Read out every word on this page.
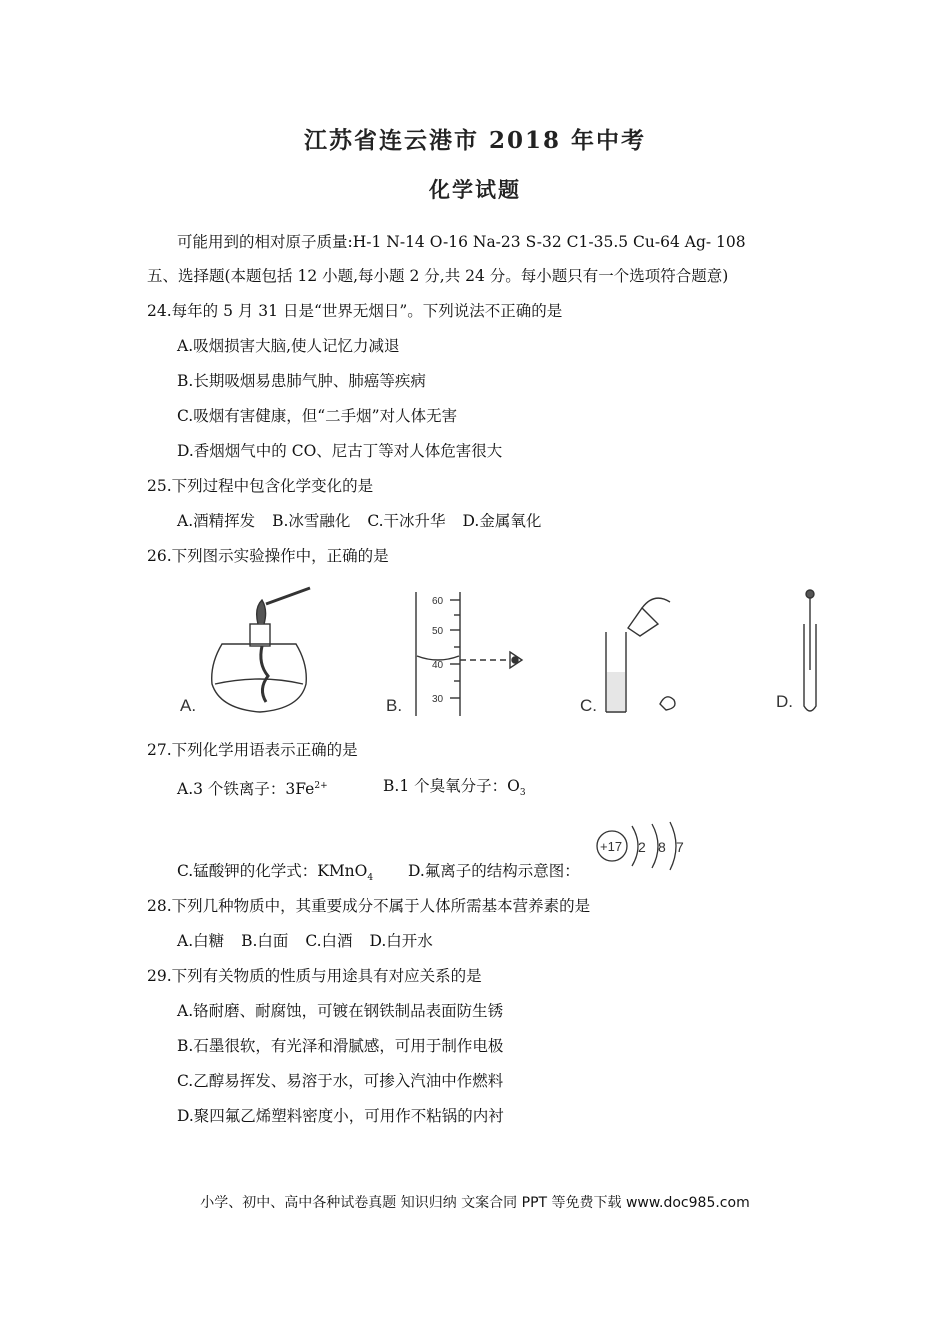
江苏省连云港市 2018 年中考
化学试题
可能用到的相对原子质量:H-1 N-14 O-16 Na-23 S-32 C1-35.5 Cu-64 Ag- 108
五、选择题(本题包括 12 小题,每小题 2 分,共 24 分。每小题只有一个选项符合题意)
24.每年的 5 月 31 日是“世界无烟日”。下列说法不正确的是
A.吸烟损害大脑,使人记忆力减退
B.长期吸烟易患肺气肿、肺癌等疾病
C.吸烟有害健康，但“二手烟”对人体无害
D.香烟烟气中的 CO、尼古丁等对人体危害很大
25.下列过程中包含化学变化的是
A.酒精挥发 B.冰雪融化 C.干冰升华 D.金属氧化
26.下列图示实验操作中，正确的是
A.
60
50
40
30
B.	C.	D.
27.下列化学用语表示正确的是
A.3 个铁离子：$3Fe^{2+}$	B.1 个臭氧分子：$O_3$
+17 2 8 7
C.锰酸钾的化学式：KMnO$_4$ D.氟离子的结构示意图：
28.下列几种物质中，其重要成分不属于人体所需基本营养素的是
A.白糖 B.白面 C.白酒 D.白开水
29.下列有关物质的性质与用途具有对应关系的是
A.铬耐磨、耐腐蚀，可镀在钢铁制品表面防生锈
B.石墨很软，有光泽和滑腻感，可用于制作电极
C.乙醇易挥发、易溶于水，可掺入汽油中作燃料
D.聚四氟乙烯塑料密度小，可用作不粘锅的内衬
小学、初中、高中各种试卷真题 知识归纳 文案合同 PPT 等免费下载 www.doc985.com
